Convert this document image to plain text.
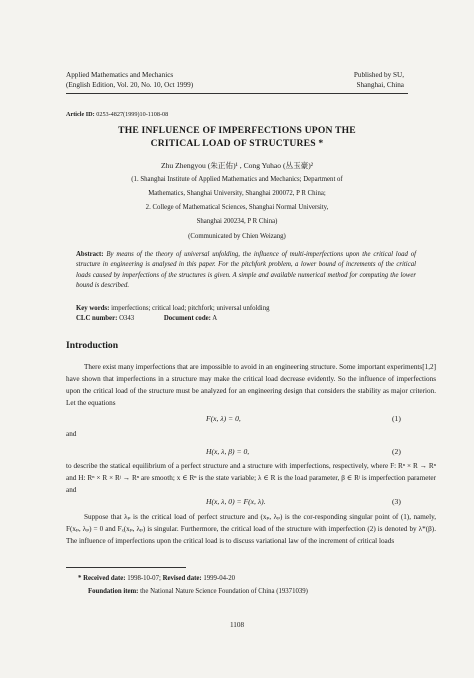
Applied Mathematics and Mechanics
(English Edition, Vol. 20, No. 10, Oct 1999)
Published by SU,
Shanghai, China
Article ID: 0253-4827(1999)10-1108-08
THE INFLUENCE OF IMPERFECTIONS UPON THE
CRITICAL LOAD OF STRUCTURES *
Zhu Zhengyou (朱正佑)¹ , Cong Yuhao (丛玉豪)²
(1. Shanghai Institute of Applied Mathematics and Mechanics; Department of
Mathematics, Shanghai University, Shanghai 200072, P R China;
2. College of Mathematical Sciences, Shanghai Normal University,
Shanghai 200234, P R China)
(Communicated by Chien Weizang)
Abstract: By means of the theory of universal unfolding, the influence of multi-imperfections upon the critical load of structure in engineering is analysed in this paper. For the pitchfork problem, a lower bound of increments of the critical loads caused by imperfections of the structures is given. A simple and available numerical method for computing the lower bound is described.
Key words: imperfections; critical load; pitchfork; universal unfolding
CLC number: O343	Document code: A
Introduction
There exist many imperfections that are impossible to avoid in an engineering structure. Some important experiments[1,2] have shown that imperfections in a structure may make the critical load decrease evidently. So the influence of imperfections upon the critical load of the structure must be analyzed for an engineering design that considers the stability as major criterion. Let the equations
F(x, λ) = 0,	(1)
and
H(x, λ, β) = 0,	(2)
to describe the statical equilibrium of a perfect structure and a structure with imperfections, respectively, where F: Rⁿ × R → Rⁿ and H: Rⁿ × R × Rʲ → Rⁿ are smooth; x ∈ Rⁿ is the state variable; λ ∈ R is the load parameter, β ∈ Rʲ is imperfection parameter and
H(x, λ, 0) = F(x, λ).	(3)
Suppose that λₚ is the critical load of perfect structure and (xₚ, λₚ) is the cor-responding singular point of (1), namely, F(xₚ, λₚ) = 0 and Fₓ(xₚ, λₚ) is singular. Furthermore, the critical load of the structure with imperfection (2) is denoted by λ*(β). The influence of imperfections upon the critical load is to discuss variational law of the increment of critical loads
* Received date: 1998-10-07; Revised date: 1999-04-20
Foundation item: the National Nature Science Foundation of China (19371039)
1108
